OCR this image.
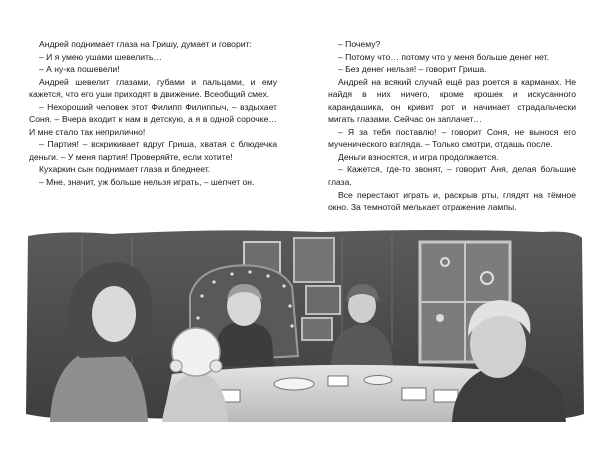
Андрей поднимает глаза на Гришу, думает и говорит:

– И я умею ушами шевелить…

– А ну-ка пошевели!

Андрей шевелит глазами, губами и пальцами, и ему кажется, что его уши приходят в движение. Всеобщий смех.

– Нехороший человек этот Филипп Филиппыч, – вздыхает Соня. – Вчера входит к нам в детскую, а я в одной сорочке… И мне стало так неприлично!

– Партия! – вскрикивает вдруг Гриша, хватая с блюдечка деньги. – У меня партия! Проверяйте, если хотите!

Кухаркин сын поднимает глаза и бледнеет.

– Мне, значит, уж больше нельзя играть, – шепчет он.

– Почему?

– Потому что… потому что у меня больше денег нет.

– Без денег нельзя! – говорит Гриша.

Андрей на всякий случай ещё раз роется в карманах. Не найдя в них ничего, кроме крошек и искусанного карандашика, он кривит рот и начинает страдальчески мигать глазами. Сейчас он заплачет…

– Я за тебя поставлю! – говорит Соня, не вынося его мученического взгляда. – Только смотри, отдашь после.

Деньги взносятся, и игра продолжается.

– Кажется, где-то звонят, – говорит Аня, делая большие глаза.

Все перестают играть и, раскрыв рты, глядят на тёмное окно. За темнотой мелькает отражение лампы.
